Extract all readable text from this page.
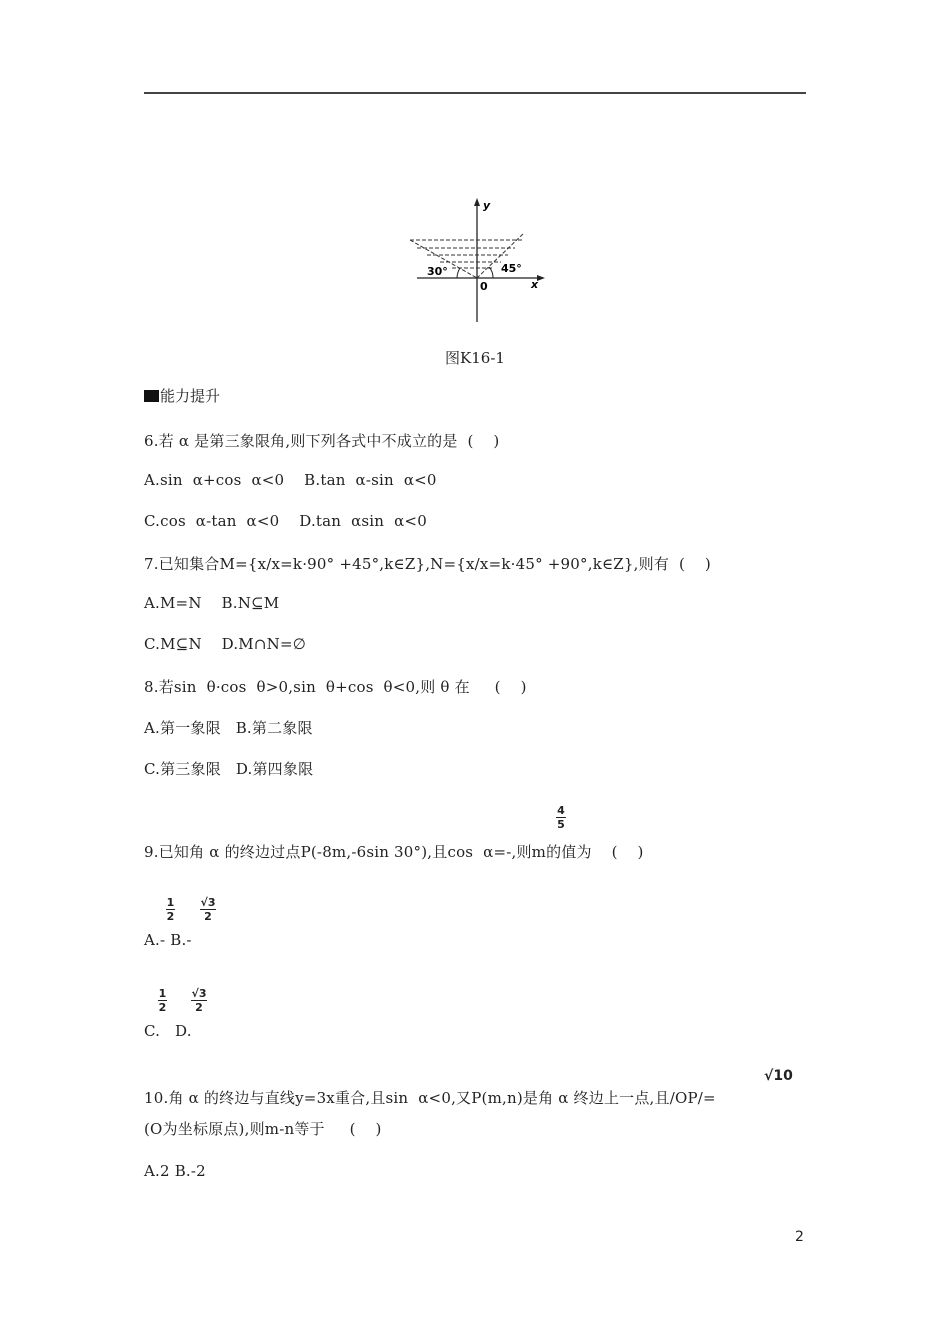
y
x
0
30°	45°
图K16-1
能力提升
6.若 α 是第三象限角,则下列各式中不成立的是  (    )
A.sin  α+cos  α<0    B.tan  α-sin  α<0
C.cos  α-tan  α<0    D.tan  αsin  α<0
7.已知集合M={x/x=k·90° +45°,k∈Z},N={x/x=k·45° +90°,k∈Z},则有  (    )
A.M=N    B.N⊆M
C.M⊆N    D.M∩N=∅
8.若sin  θ·cos  θ>0,sin  θ+cos  θ<0,则 θ 在     (    )
A.第一象限   B.第二象限
C.第三象限   D.第四象限
4
5
9.已知角 α 的终边过点P(-8m,-6sin 30°),且cos  α=-,则m的值为    (    )
1
2
√3
2
A.- B.-
1
2
√3
2
C.   D.
√10
10.角 α 的终边与直线y=3x重合,且sin  α<0,又P(m,n)是角 α 终边上一点,且/OP/=
(O为坐标原点),则m-n等于     (    )
A.2 B.-2
2
